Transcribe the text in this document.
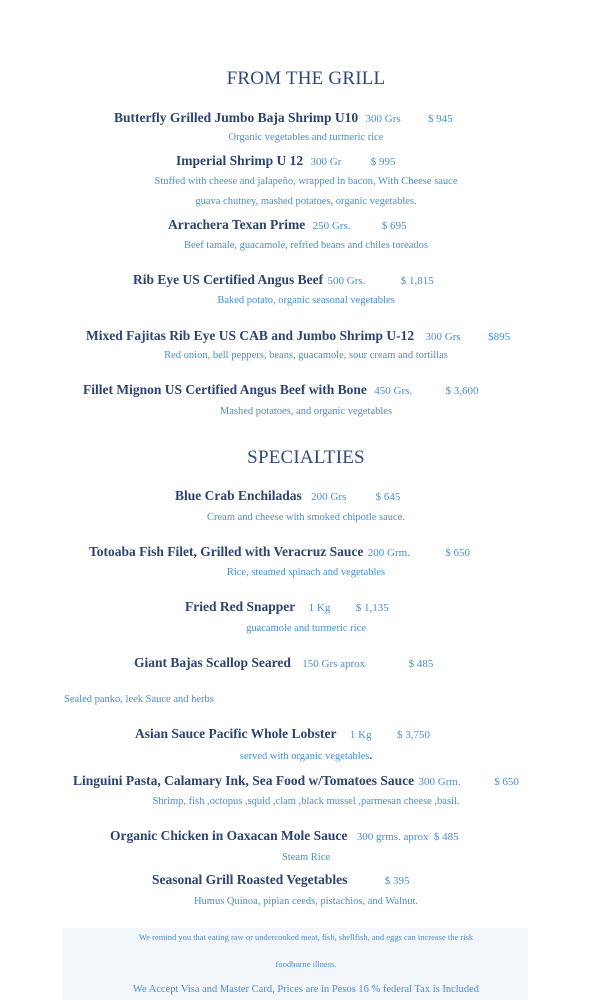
FROM THE GRILL
Butterfly Grilled Jumbo Baja Shrimp U10 300 Grs $ 945
Organic vegetables and turmeric rice
Imperial Shrimp U 12 300 Gr	$ 995
Stuffed with cheese and jalapeño, wrapped in bacon, With Cheese sauce
guava chutney, mashed potatoes, organic vegetables.
Arrachera Texan Prime 250 Grs.	$ 695
Beef tamale, guacamole, refried beans and chiles toreados
Rib Eye US Certified Angus Beef 500 Grs.	$ 1,815
Baked potato, organic seasonal vegetables
Mixed Fajitas Rib Eye US CAB and Jumbo Shrimp U-12 300 Grs $895
Red onion, bell peppers, beans, guacamole, sour cream and tortillas
Fillet Mignon US Certified Angus Beef with Bone 450 Grs.	$ 3,600
Mashed potatoes, and organic vegetables
SPECIALTIES
Blue Crab Enchiladas 200 Grs	$ 645
Cream and cheese with smoked chipotle sauce.
Totoaba Fish Filet, Grilled with Veracruz Sauce 200 Grm.	$ 650
Rice, steamed spinach and vegetables
Fried Red Snapper 1 Kg $ 1,135
guacamole and turmeric rice
Giant Bajas Scallop Seared 150 Grs aprox	$ 485
Sealed panko, leek Sauce and herbs
Asian Sauce Pacific Whole Lobster 1 Kg $ 3,750
served with organic vegetables.
Linguini Pasta, Calamary Ink, Sea Food w/Tomatoes Sauce 300 Grm.	$ 650
Shrimp, fish ,octopus ,squid ,clam ,black mussel ,parmesan cheese ,basil.
Organic Chicken in Oaxacan Mole Sauce 300 grms. aprox $ 485
Steam Rice
Seasonal Grill Roasted Vegetables	$ 395
Humus Quinoa, pipian ceeds, pistachios, and Walnut.
We remind you that eating raw or undercooked meat, fish, shellfish, and eggs can increase the risk
foodborne illness.
We Accept Visa and Master Card, Prices are in Pesos 16 % federal Tax is Included
